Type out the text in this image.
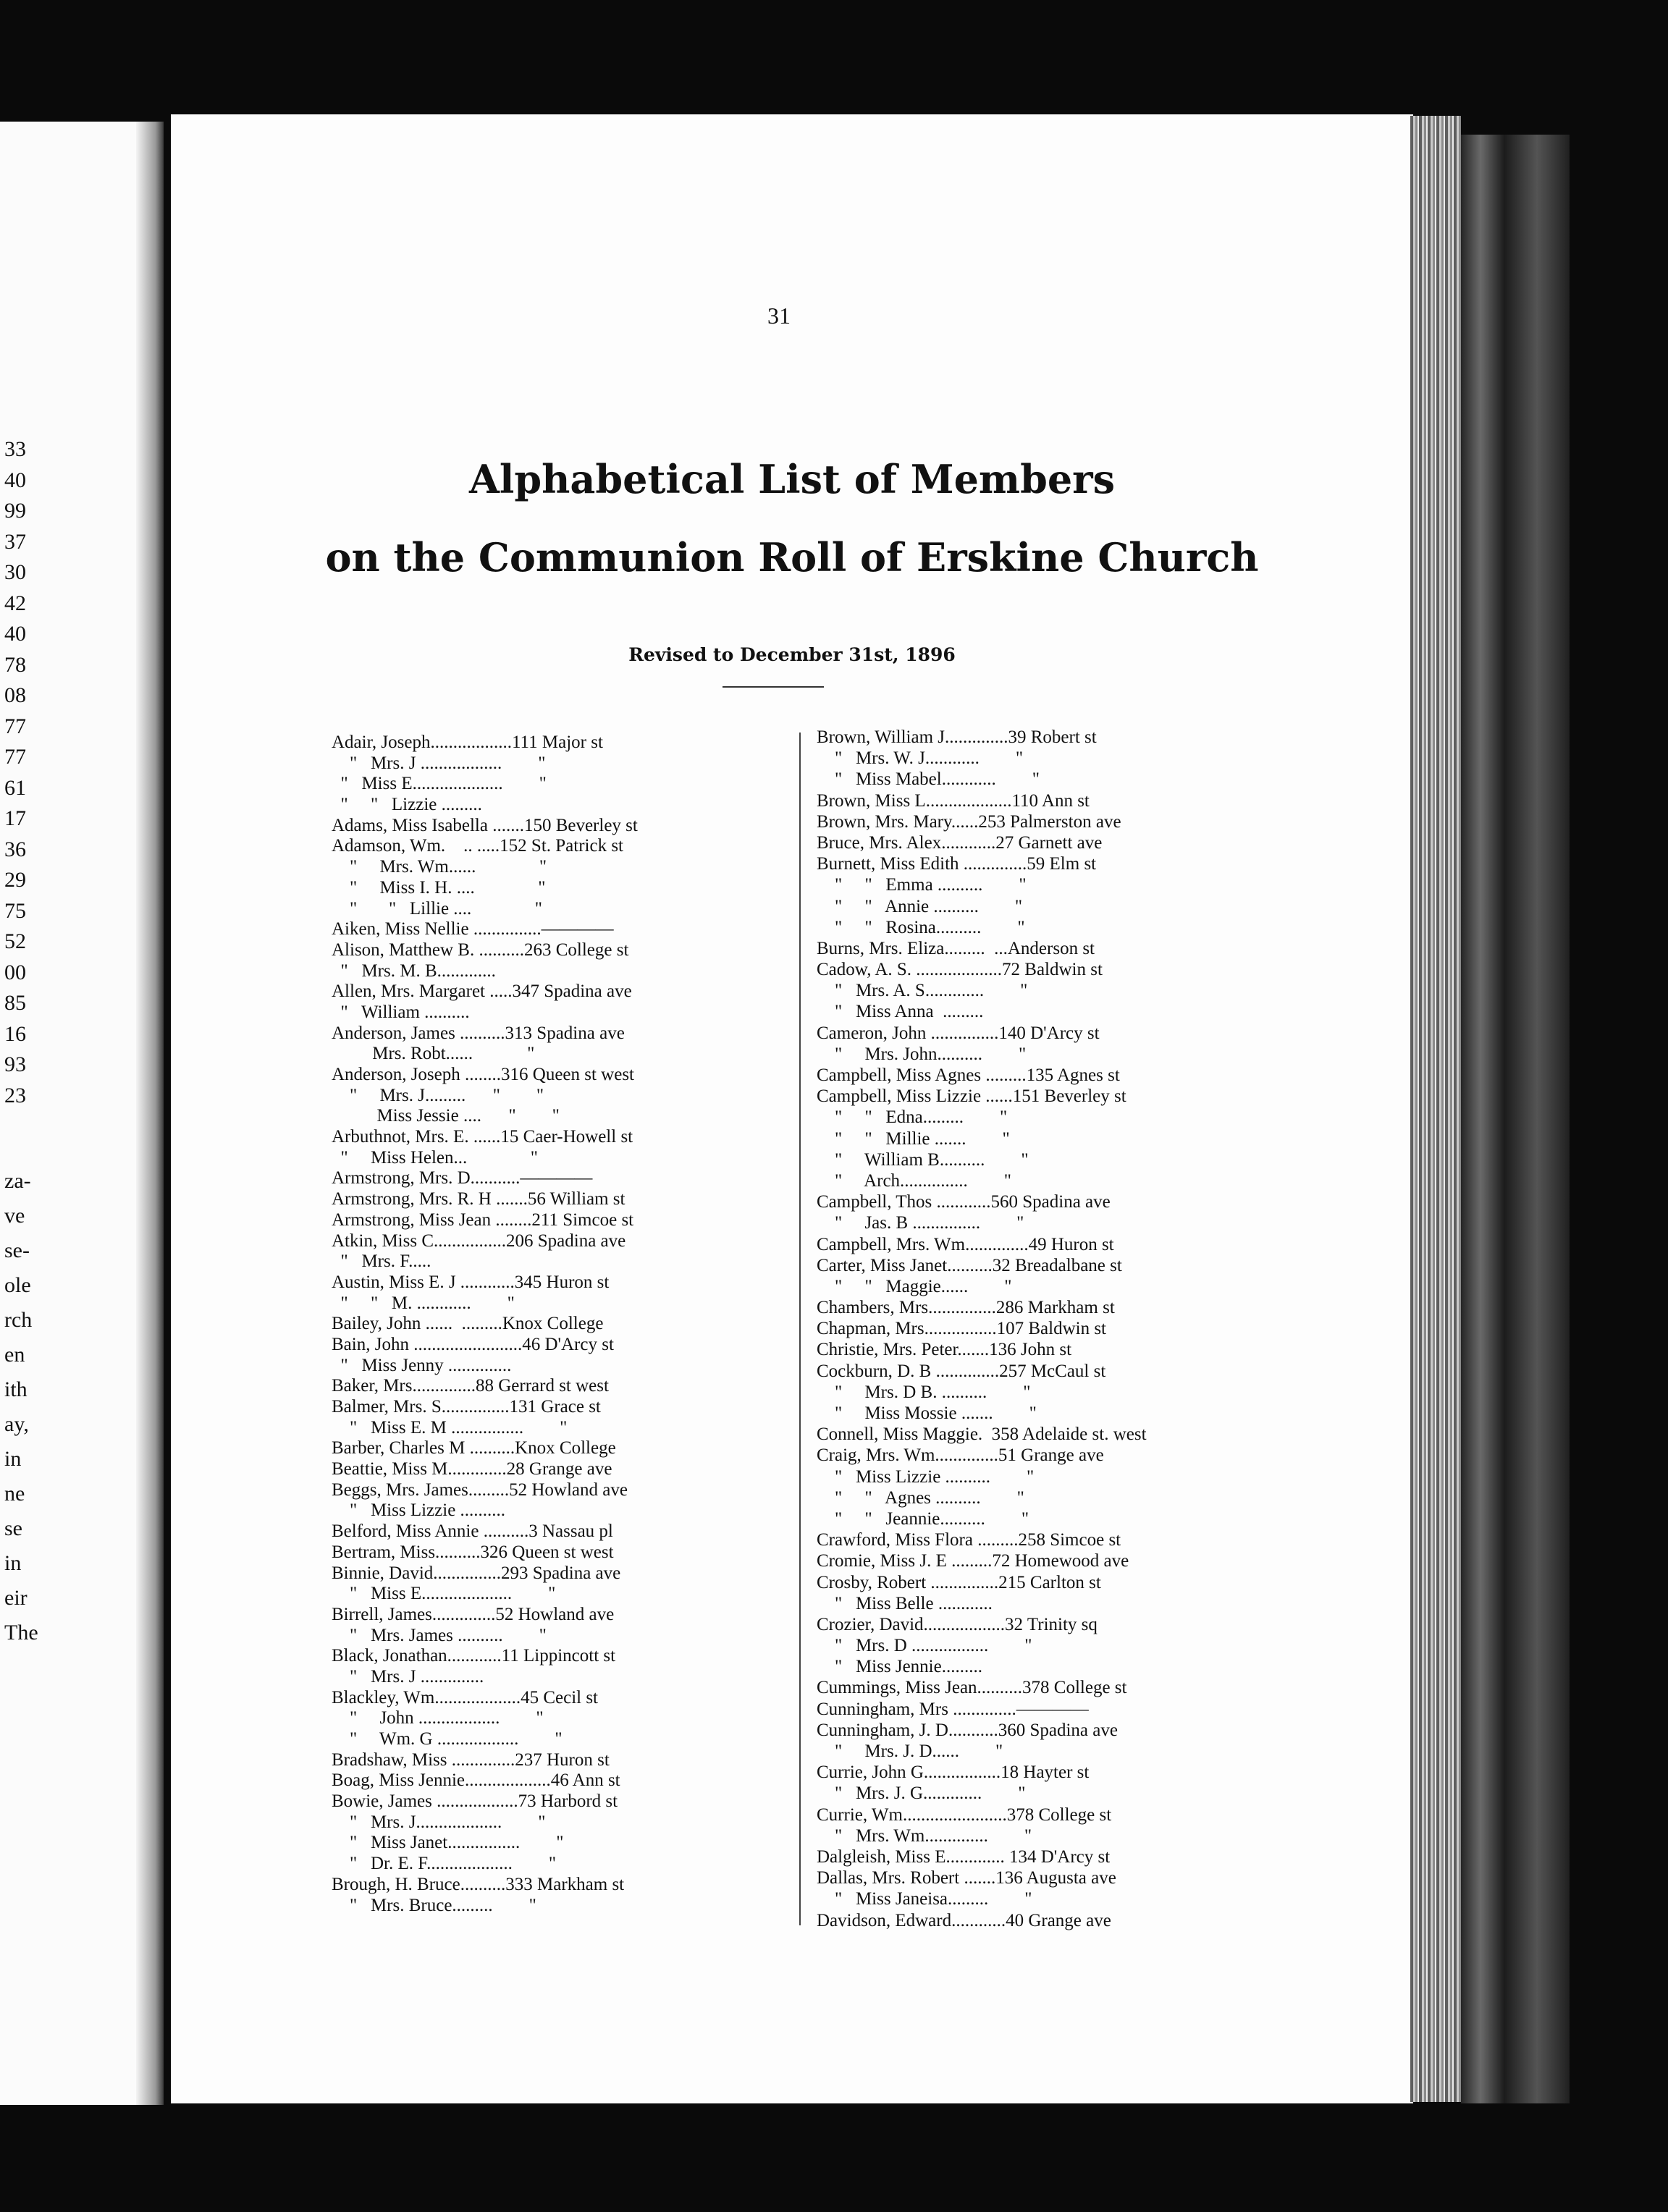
33
40
99
37
30
42
40
78
08
77
77
61
17
36
29
75
52
00
85
16
93
23
za-
ve
se-
ole
rch
en
ith
ay,
in
ne
se
in
eir
The
31
Alphabetical List of Members
on the Communion Roll of Erskine Church
Revised to December 31st, 1896
Adair, Joseph..................111 Major st
"   Mrs. J ..................        "
"   Miss E....................        "
"     "   Lizzie .........
Adams, Miss Isabella .......150 Beverley st
Adamson, Wm.    .. .....152 St. Patrick st
"     Mrs. Wm......              "
"     Miss I. H. ....              "
"       "   Lillie ....              "
Aiken, Miss Nellie ...............————
Alison, Matthew B. ..........263 College st
"   Mrs. M. B.............
Allen, Mrs. Margaret .....347 Spadina ave
"   William ..........
Anderson, James ..........313 Spadina ave
Mrs. Robt......            "
Anderson, Joseph ........316 Queen st west
"     Mrs. J.........      "        "
Miss Jessie ....      "        "
Arbuthnot, Mrs. E. ......15 Caer-Howell st
"     Miss Helen...              "
Armstrong, Mrs. D...........————
Armstrong, Mrs. R. H .......56 William st
Armstrong, Miss Jean ........211 Simcoe st
Atkin, Miss C................206 Spadina ave
"   Mrs. F.....
Austin, Miss E. J ............345 Huron st
"     "   M. ............        "
Bailey, John ......  .........Knox College
Bain, John ........................46 D'Arcy st
"   Miss Jenny ..............
Baker, Mrs..............88 Gerrard st west
Balmer, Mrs. S...............131 Grace st
"   Miss E. M ................        "
Barber, Charles M ..........Knox College
Beattie, Miss M.............28 Grange ave
Beggs, Mrs. James.........52 Howland ave
"   Miss Lizzie ..........
Belford, Miss Annie ..........3 Nassau pl
Bertram, Miss..........326 Queen st west
Binnie, David...............293 Spadina ave
"   Miss E....................        "
Birrell, James..............52 Howland ave
"   Mrs. James ..........        "
Black, Jonathan............11 Lippincott st
"   Mrs. J ..............
Blackley, Wm...................45 Cecil st
"     John ..................        "
"     Wm. G ..................        "
Bradshaw, Miss ..............237 Huron st
Boag, Miss Jennie...................46 Ann st
Bowie, James ..................73 Harbord st
"   Mrs. J...................        "
"   Miss Janet................        "
"   Dr. E. F...................        "
Brough, H. Bruce..........333 Markham st
"   Mrs. Bruce.........        "
Brown, William J..............39 Robert st
"   Mrs. W. J............        "
"   Miss Mabel............        "
Brown, Miss L...................110 Ann st
Brown, Mrs. Mary......253 Palmerston ave
Bruce, Mrs. Alex............27 Garnett ave
Burnett, Miss Edith ..............59 Elm st
"     "   Emma ..........        "
"     "   Annie ..........        "
"     "   Rosina..........        "
Burns, Mrs. Eliza.........  ...Anderson st
Cadow, A. S. ...................72 Baldwin st
"   Mrs. A. S.............        "
"   Miss Anna  .........
Cameron, John ...............140 D'Arcy st
"     Mrs. John..........        "
Campbell, Miss Agnes .........135 Agnes st
Campbell, Miss Lizzie ......151 Beverley st
"     "   Edna.........        "
"     "   Millie .......        "
"     William B..........        "
"     Arch...............        "
Campbell, Thos ............560 Spadina ave
"     Jas. B ...............        "
Campbell, Mrs. Wm..............49 Huron st
Carter, Miss Janet..........32 Breadalbane st
"     "   Maggie......        "
Chambers, Mrs...............286 Markham st
Chapman, Mrs................107 Baldwin st
Christie, Mrs. Peter.......136 John st
Cockburn, D. B ..............257 McCaul st
"     Mrs. D B. ..........        "
"     Miss Mossie .......        "
Connell, Miss Maggie.  358 Adelaide st. west
Craig, Mrs. Wm..............51 Grange ave
"   Miss Lizzie ..........        "
"     "   Agnes ..........        "
"     "   Jeannie..........        "
Crawford, Miss Flora .........258 Simcoe st
Cromie, Miss J. E .........72 Homewood ave
Crosby, Robert ...............215 Carlton st
"   Miss Belle ............
Crozier, David..................32 Trinity sq
"   Mrs. D .................        "
"   Miss Jennie.........
Cummings, Miss Jean..........378 College st
Cunningham, Mrs ..............————
Cunningham, J. D...........360 Spadina ave
"     Mrs. J. D......        "
Currie, John G.................18 Hayter st
"   Mrs. J. G.............        "
Currie, Wm.......................378 College st
"   Mrs. Wm..............        "
Dalgleish, Miss E............. 134 D'Arcy st
Dallas, Mrs. Robert .......136 Augusta ave
"   Miss Janeisa.........        "
Davidson, Edward............40 Grange ave
